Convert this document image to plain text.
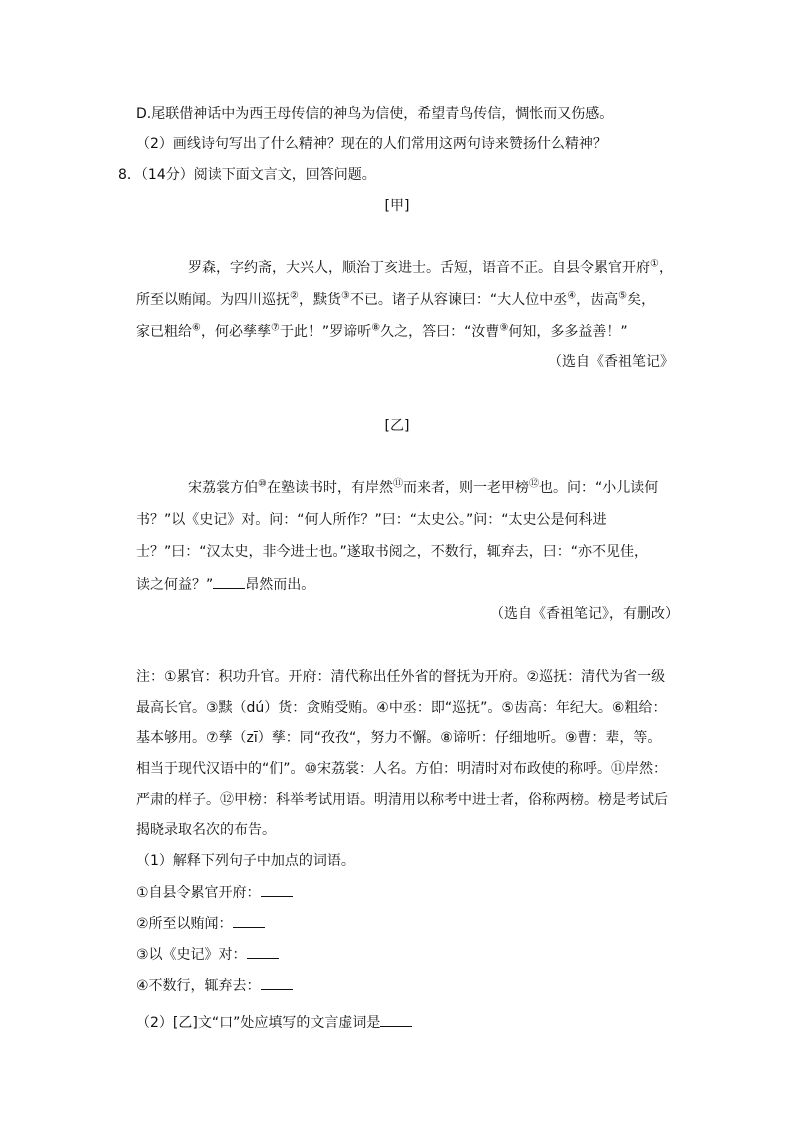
D.尾联借神话中为西王母传信的神鸟为信使，希望青鸟传信，惆怅而又伤感。
（2）画线诗句写出了什么精神？现在的人们常用这两句诗来赞扬什么精神？
8．（14分）阅读下面文言文，回答问题。
[甲]
罗森，字约斋，大兴人，顺治丁亥进士。舌短，语音不正。自县令累官开府①，
所至以贿闻。为四川巡抚②，黩货③不已。诸子从容谏曰：“大人位中丞④，齿高⑤矣，
家已粗给⑥，何必孳孳⑦于此！”罗谛听⑧久之，答曰：“汝曹⑨何知，多多益善！”
（选自《香祖笔记》
[乙]
宋荔裳方伯⑩在塾读书时，有岸然⑪而来者，则一老甲榜⑫也。问：“小儿读何
书？”以《史记》对。问：“何人所作？”曰：“太史公。”问：“太史公是何科进
士？”曰：“汉太史，非今进士也。”遂取书阅之，不数行，辄弃去，曰：“亦不见佳，
读之何益？” 昂然而出。
（选自《香祖笔记》，有删改）
注：①累官：积功升官。开府：清代称出任外省的督抚为开府。②巡抚：清代为省一级
最高长官。③黩（dú）货：贪贿受贿。④中丞：即“巡抚”。⑤齿高：年纪大。⑥粗给：
基本够用。⑦孳（zī）孳：同“孜孜“，努力不懈。⑧谛听：仔细地听。⑨曹：辈，等。
相当于现代汉语中的“们”。⑩宋荔裳：人名。方伯：明清时对布政使的称呼。⑪岸然：
严肃的样子。⑫甲榜：科举考试用语。明清用以称考中进士者，俗称两榜。榜是考试后
揭晓录取名次的布告。
（1）解释下列句子中加点的词语。
①自县令累官开府：
②所至以贿闻：
③以《史记》对：
④不数行，辄弃去：
（2）[乙]文“口”处应填写的文言虚词是
